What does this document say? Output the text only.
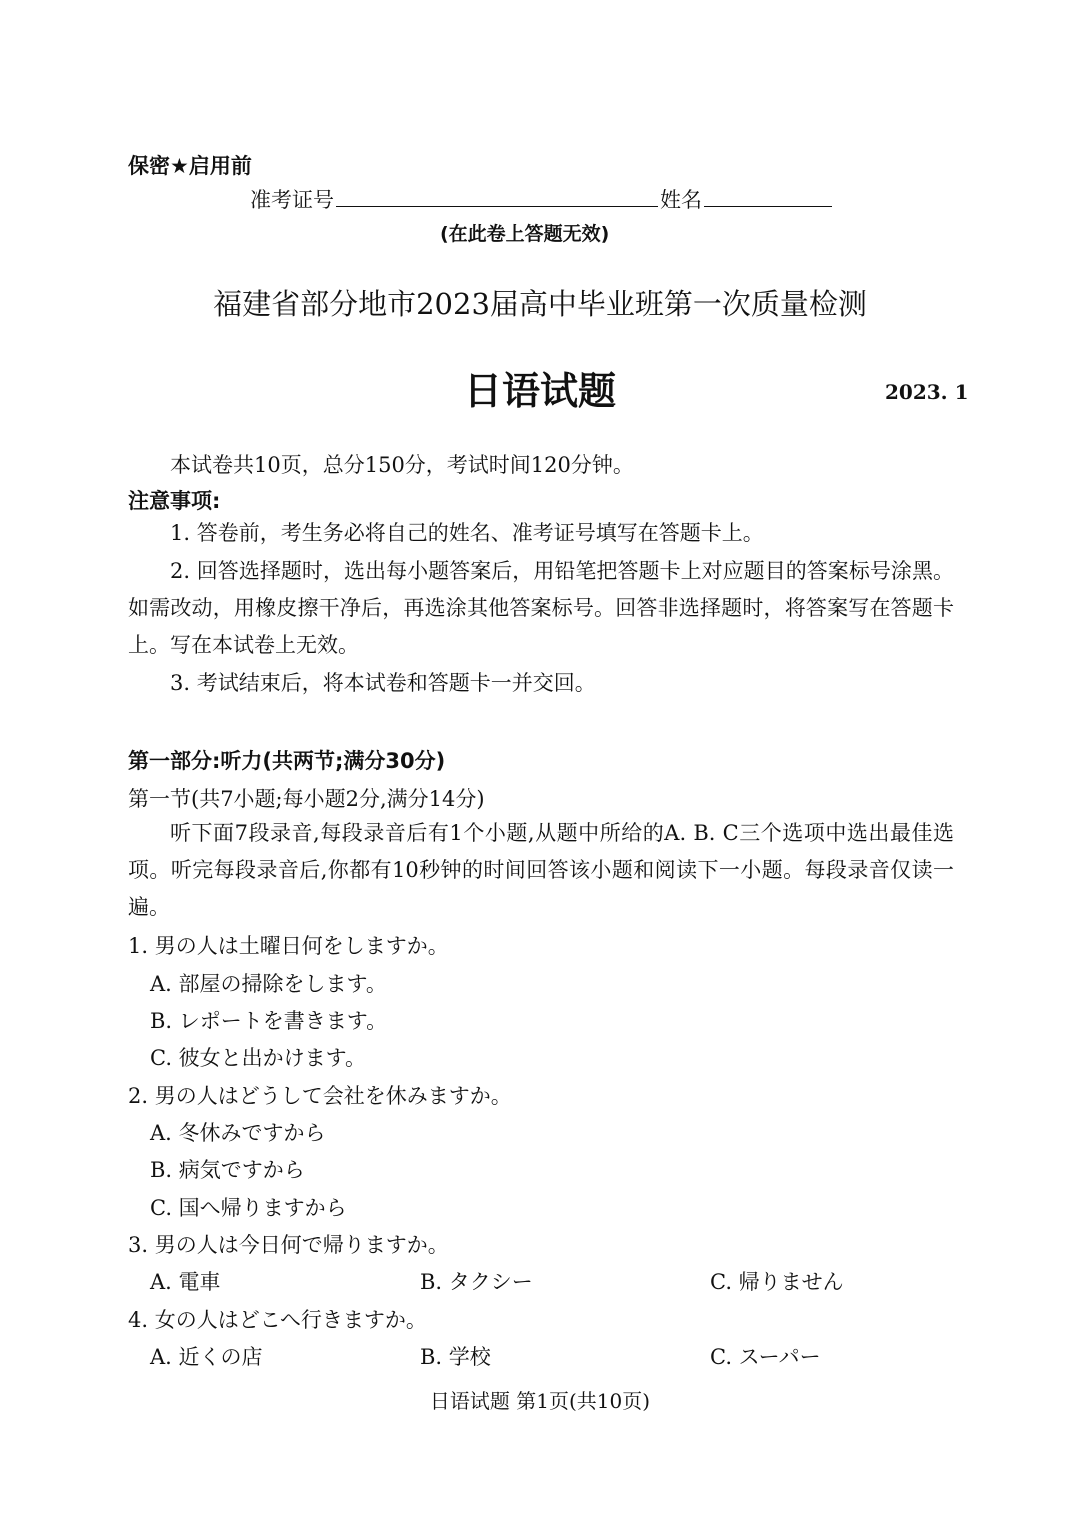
保密★启用前
准考证号	姓名
(在此卷上答题无效)
福建省部分地市2023届高中毕业班第一次质量检测
日语试题	2023. 1
本试卷共10页，总分150分，考试时间120分钟。
注意事项:
1. 答卷前，考生务必将自己的姓名、准考证号填写在答题卡上。
2. 回答选择题时，选出每小题答案后，用铅笔把答题卡上对应题目的答案标号涂黑。如需改动，用橡皮擦干净后，再选涂其他答案标号。回答非选择题时，将答案写在答题卡上。写在本试卷上无效。
3. 考试结束后，将本试卷和答题卡一并交回。
第一部分:听力(共两节;满分30分)
第一节(共7小题;每小题2分,满分14分)
听下面7段录音,每段录音后有1个小题,从题中所给的A. B. C三个选项中选出最佳选项。听完每段录音后,你都有10秒钟的时间回答该小题和阅读下一小题。每段录音仅读一遍。
1. 男の人は土曜日何をしますか。
A. 部屋の掃除をします。
B. レポートを書きます。
C. 彼女と出かけます。
2. 男の人はどうして会社を休みますか。
A. 冬休みですから
B. 病気ですから
C. 国へ帰りますから
3. 男の人は今日何で帰りますか。
A. 電車	B. タクシー	C. 帰りません
4. 女の人はどこへ行きますか。
A. 近くの店	B. 学校	C. スーパー
日语试题 第1页(共10页)
